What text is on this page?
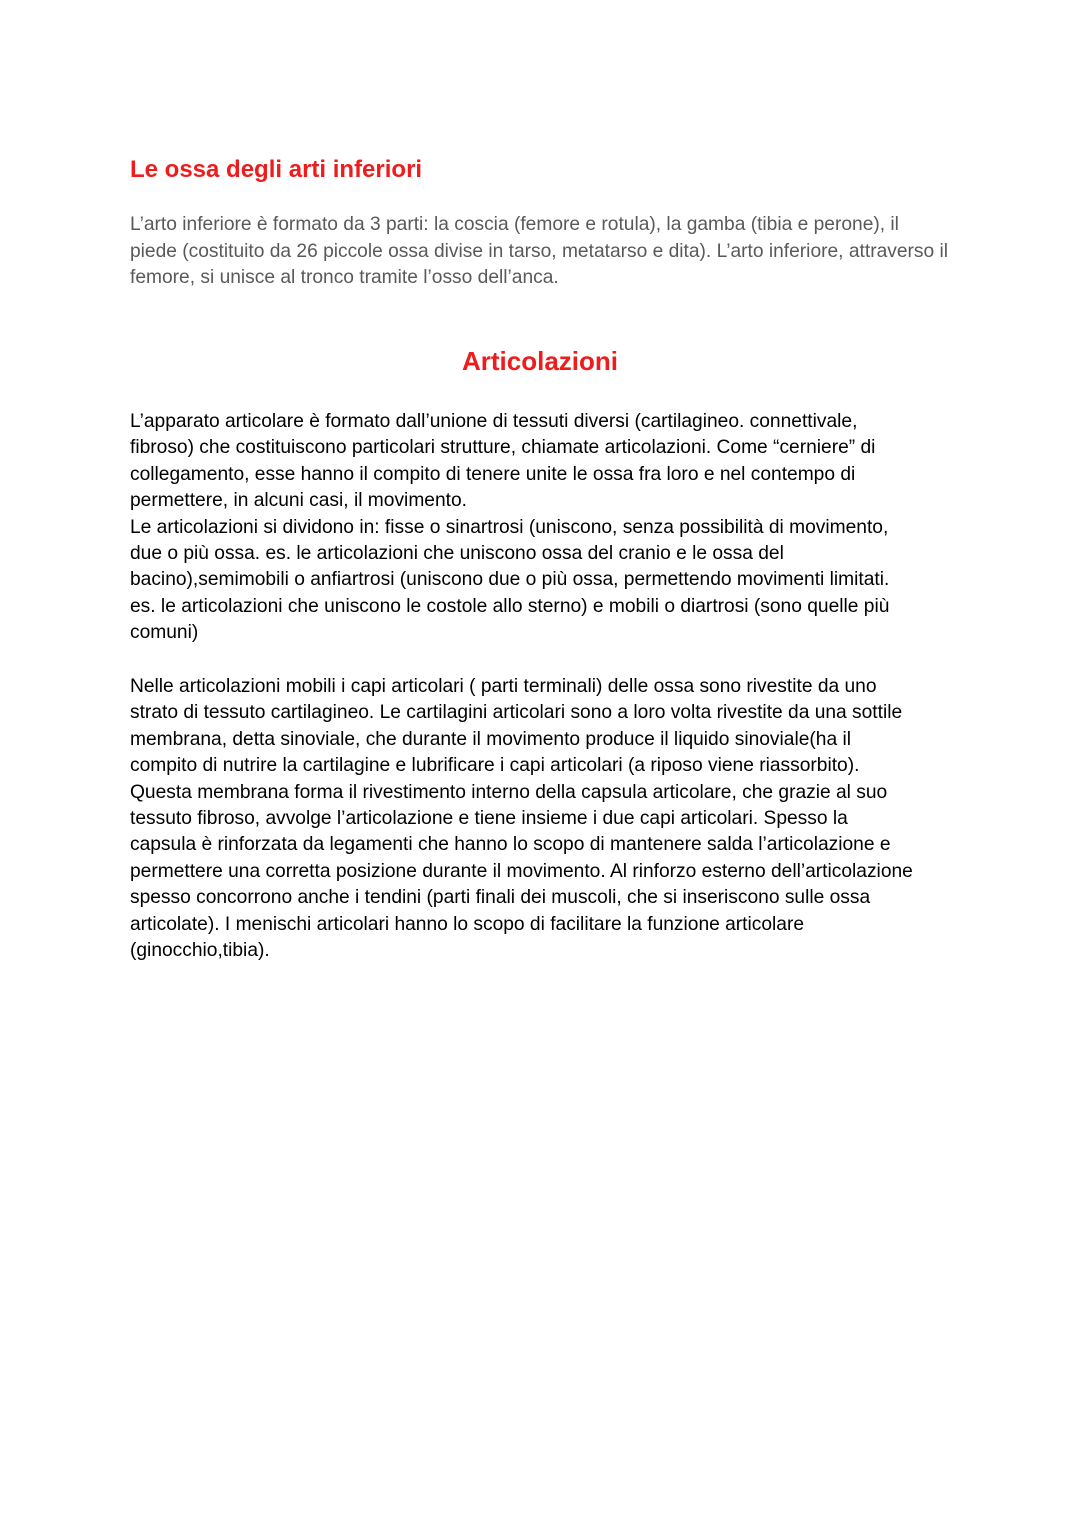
Le ossa degli arti inferiori

L’arto inferiore è formato da 3 parti: la coscia (femore e rotula), la gamba (tibia e perone), il piede (costituito da 26 piccole ossa divise in tarso, metatarso e dita). L’arto inferiore, attraverso il femore, si unisce al tronco tramite l’osso dell’anca.

Articolazioni

L’apparato articolare è formato dall’unione di tessuti diversi (cartilagineo. connettivale,
fibroso) che costituiscono particolari strutture, chiamate articolazioni. Come “cerniere” di
collegamento, esse hanno il compito di tenere unite le ossa fra loro e nel contempo di
permettere, in alcuni casi, il movimento.
Le articolazioni si dividono in: fisse o sinartrosi (uniscono, senza possibilità di movimento,
due o più ossa. es. le articolazioni che uniscono ossa del cranio e le ossa del
bacino),semimobili o anfiartrosi (uniscono due o più ossa, permettendo movimenti limitati.
es. le articolazioni che uniscono le costole allo sterno) e mobili o diartrosi (sono quelle più
comuni)

Nelle articolazioni mobili i capi articolari ( parti terminali) delle ossa sono rivestite da uno
strato di tessuto cartilagineo. Le cartilagini articolari sono a loro volta rivestite da una sottile
membrana, detta sinoviale, che durante il movimento produce il liquido sinoviale(ha il
compito di nutrire la cartilagine e lubrificare i capi articolari (a riposo viene riassorbito).
Questa membrana forma il rivestimento interno della capsula articolare, che grazie al suo
tessuto fibroso, avvolge l’articolazione e tiene insieme i due capi articolari. Spesso la
capsula è rinforzata da legamenti che hanno lo scopo di mantenere salda l’articolazione e
permettere una corretta posizione durante il movimento. Al rinforzo esterno dell’articolazione
spesso concorrono anche i tendini (parti finali dei muscoli, che si inseriscono sulle ossa
articolate). I menischi articolari hanno lo scopo di facilitare la funzione articolare
(ginocchio,tibia).
